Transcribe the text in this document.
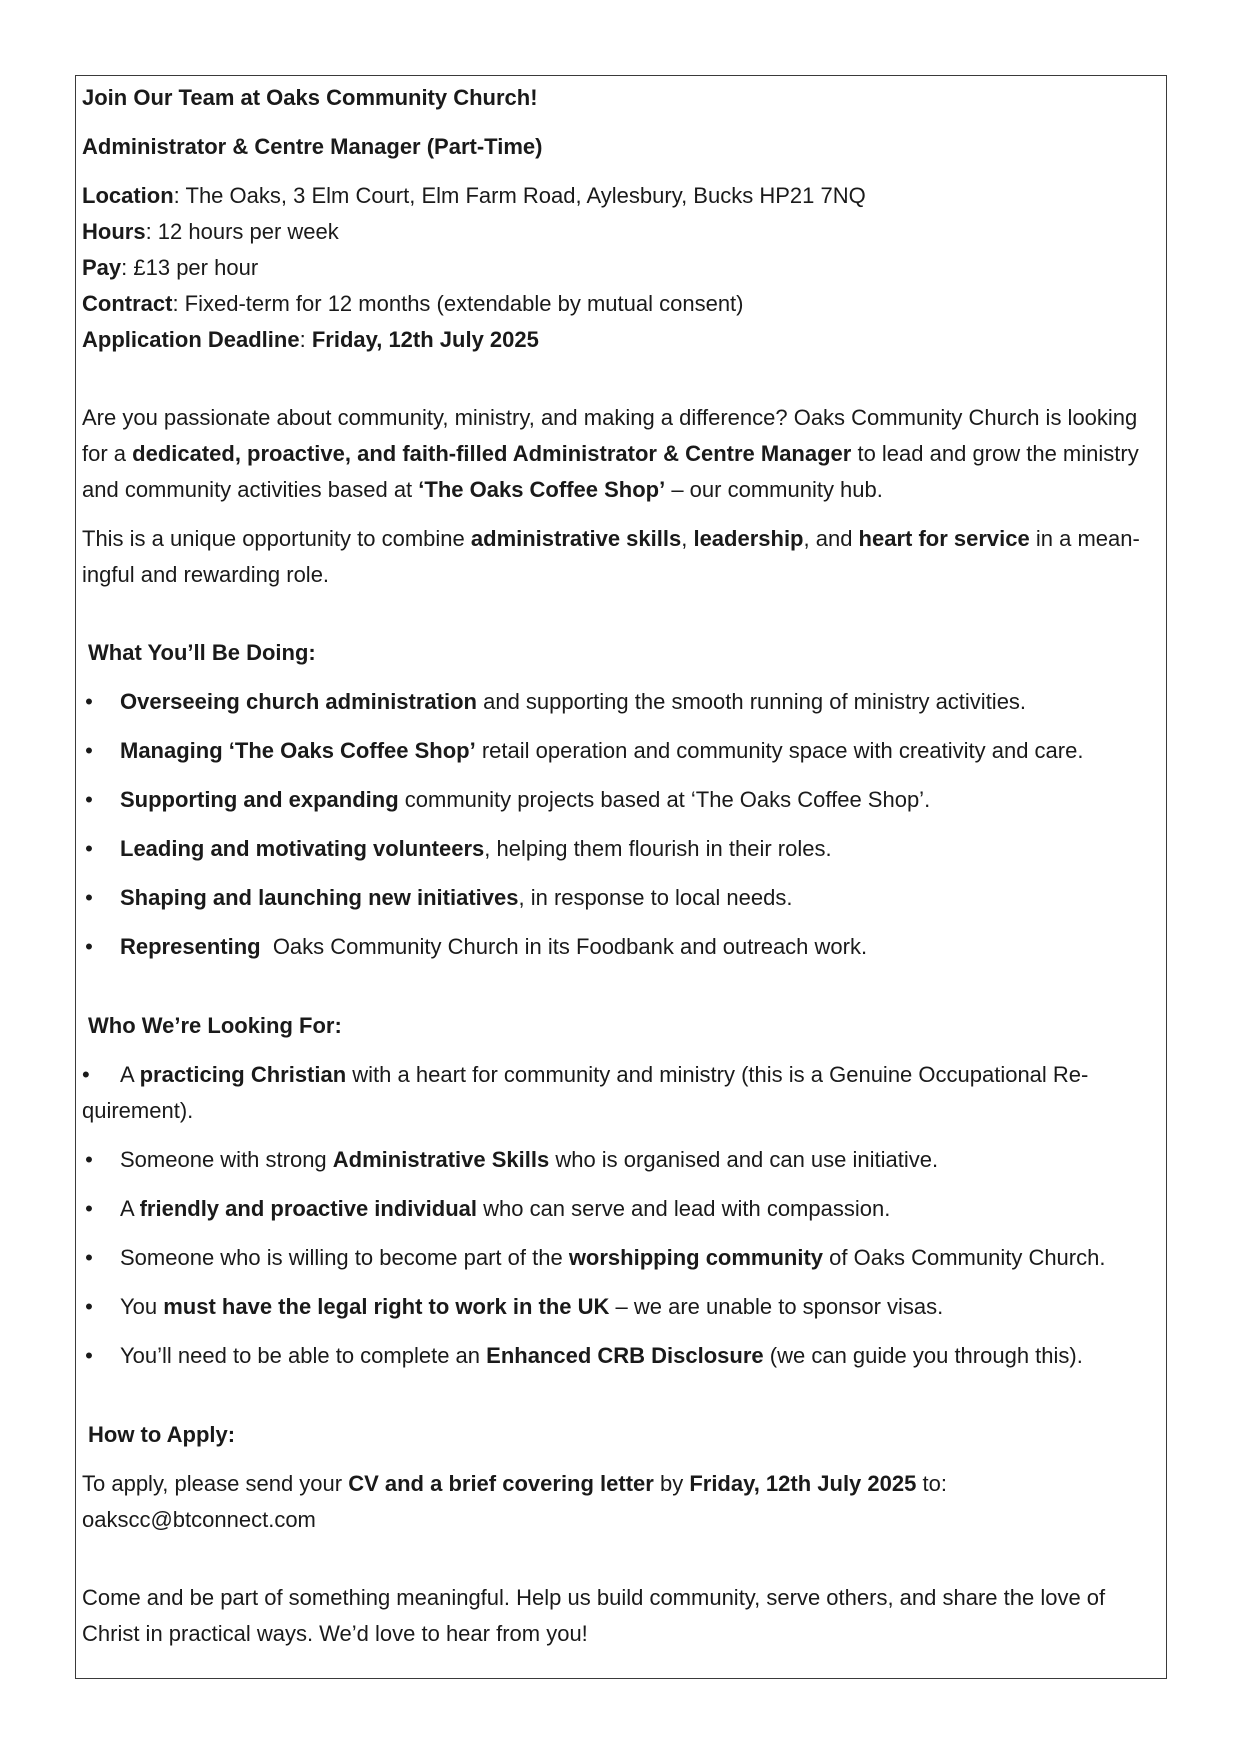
Join Our Team at Oaks Community Church!

Administrator & Centre Manager (Part-Time)

Location: The Oaks, 3 Elm Court, Elm Farm Road, Aylesbury, Bucks HP21 7NQ

Hours: 12 hours per week

Pay: £13 per hour

Contract: Fixed-term for 12 months (extendable by mutual consent)

Application Deadline: Friday, 12th July 2025

Are you passionate about community, ministry, and making a difference? Oaks Community Church is looking for a dedicated, proactive, and faith-filled Administrator & Centre Manager to lead and grow the ministry and community activities based at ‘The Oaks Coffee Shop’ – our community hub.

This is a unique opportunity to combine administrative skills, leadership, and heart for service in a meaningful and rewarding role.

What You’ll Be Doing:

•
Overseeing church administration and supporting the smooth running of ministry activities.
•
Managing ‘The Oaks Coffee Shop’ retail operation and community space with creativity and care.
•
Supporting and expanding community projects based at ‘The Oaks Coffee Shop’.
•
Leading and motivating volunteers, helping them flourish in their roles.
•
Shaping and launching new initiatives, in response to local needs.
•
Representing  Oaks Community Church in its Foodbank and outreach work.

Who We’re Looking For:

•A practicing Christian with a heart for community and ministry (this is a Genuine Occupational Requirement).
•
Someone with strong Administrative Skills who is organised and can use initiative.
•
A friendly and proactive individual who can serve and lead with compassion.
•
Someone who is willing to become part of the worshipping community of Oaks Community Church.
•
You must have the legal right to work in the UK – we are unable to sponsor visas.
•
You’ll need to be able to complete an Enhanced CRB Disclosure (we can guide you through this).

How to Apply:

To apply, please send your CV and a brief covering letter by Friday, 12th July 2025 to:

oakscc@btconnect.com

Come and be part of something meaningful. Help us build community, serve others, and share the love of Christ in practical ways. We’d love to hear from you!
